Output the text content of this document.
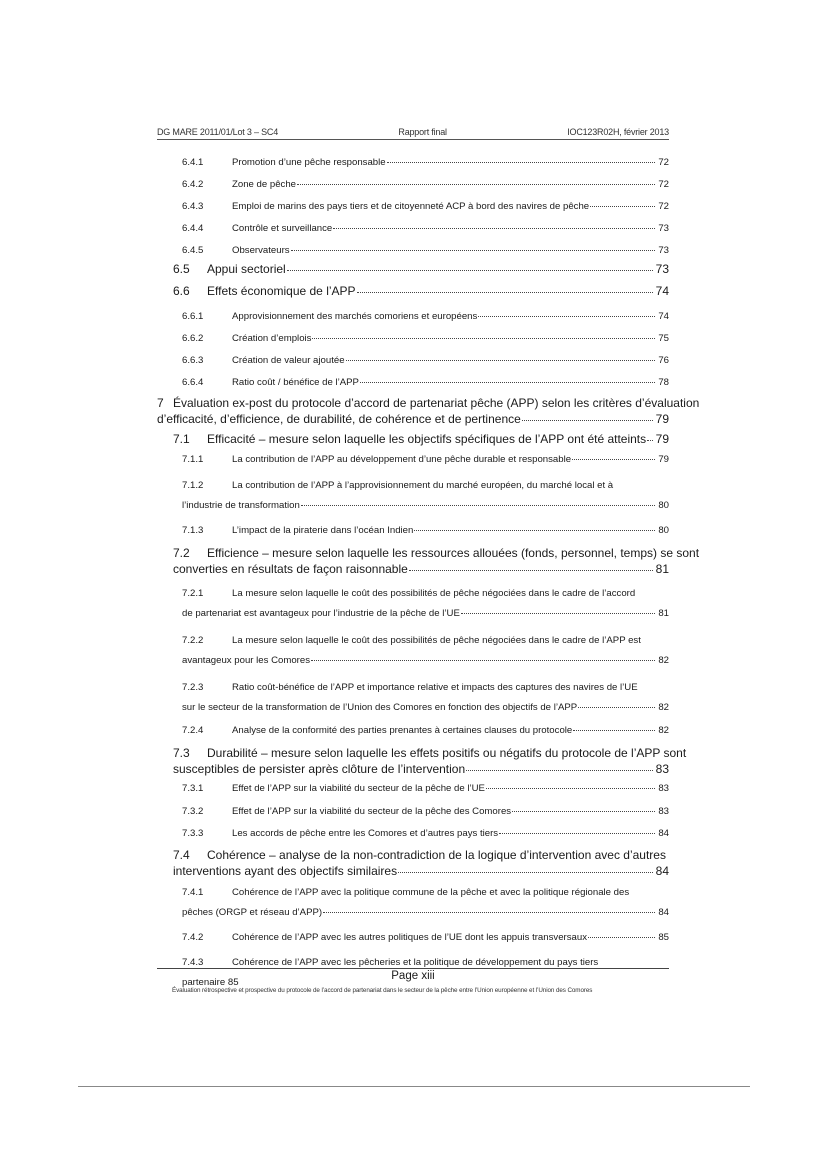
DG MARE 2011/01/Lot 3 – SC4	Rapport final	IOC123R02H, février 2013
6.4.1	Promotion d’une pêche responsable	72
6.4.2	Zone de pêche	72
6.4.3	Emploi de marins des pays tiers et de citoyenneté ACP à bord des navires de pêche	72
6.4.4	Contrôle et surveillance	73
6.4.5	Observateurs	73
6.5	Appui sectoriel	73
6.6	Effets économique de l’APP	74
6.6.1	Approvisionnement des marchés comoriens et européens	74
6.6.2	Création d’emplois	75
6.6.3	Création de valeur ajoutée	76
6.6.4	Ratio coût / bénéfice de l’APP	78
7 Évaluation ex-post du protocole d’accord de partenariat pêche (APP) selon les critères d’évaluation
d’efficacité, d’efficience, de durabilité, de cohérence et de pertinence	79
7.1	Efficacité – mesure selon laquelle les objectifs spécifiques de l’APP ont été atteints 79
7.1.1	La contribution de l’APP au développement d’une pêche durable et responsable	79
7.1.2	La contribution de l’APP à l’approvisionnement du marché européen, du marché local et à
l’industrie de transformation	80
7.1.3	L’impact de la piraterie dans l’océan Indien	80
7.2 Efficience – mesure selon laquelle les ressources allouées (fonds, personnel, temps) se sont
converties en résultats de façon raisonnable	81
7.2.1	La mesure selon laquelle le coût des possibilités de pêche négociées dans le cadre de l’accord
de partenariat est avantageux pour l’industrie de la pêche de l’UE	81
7.2.2	La mesure selon laquelle le coût des possibilités de pêche négociées dans le cadre de l’APP est
avantageux pour les Comores	82
7.2.3	Ratio coût-bénéfice de l’APP et importance relative et impacts des captures des navires de l’UE
sur le secteur de la transformation de l’Union des Comores en fonction des objectifs de l’APP	82
7.2.4	Analyse de la conformité des parties prenantes à certaines clauses du protocole	82
7.3 Durabilité – mesure selon laquelle les effets positifs ou négatifs du protocole de l’APP sont
susceptibles de persister après clôture de l’intervention	83
7.3.1	Effet de l’APP sur la viabilité du secteur de la pêche de l’UE	83
7.3.2	Effet de l’APP sur la viabilité du secteur de la pêche des Comores	83
7.3.3	Les accords de pêche entre les Comores et d’autres pays tiers	84
7.4 Cohérence – analyse de la non-contradiction de la logique d’intervention avec d’autres
interventions ayant des objectifs similaires	84
7.4.1	Cohérence de l’APP avec la politique commune de la pêche et avec la politique régionale des
pêches (ORGP et réseau d’APP)	84
7.4.2	Cohérence de l’APP avec les autres politiques de l’UE dont les appuis transversaux	85
7.4.3	Cohérence de l’APP avec les pêcheries et la politique de développement du pays tiers
partenaire 85
Page xiii
Évaluation rétrospective et prospective du protocole de l’accord de partenariat dans le secteur de la pêche entre l’Union européenne et l’Union des Comores
